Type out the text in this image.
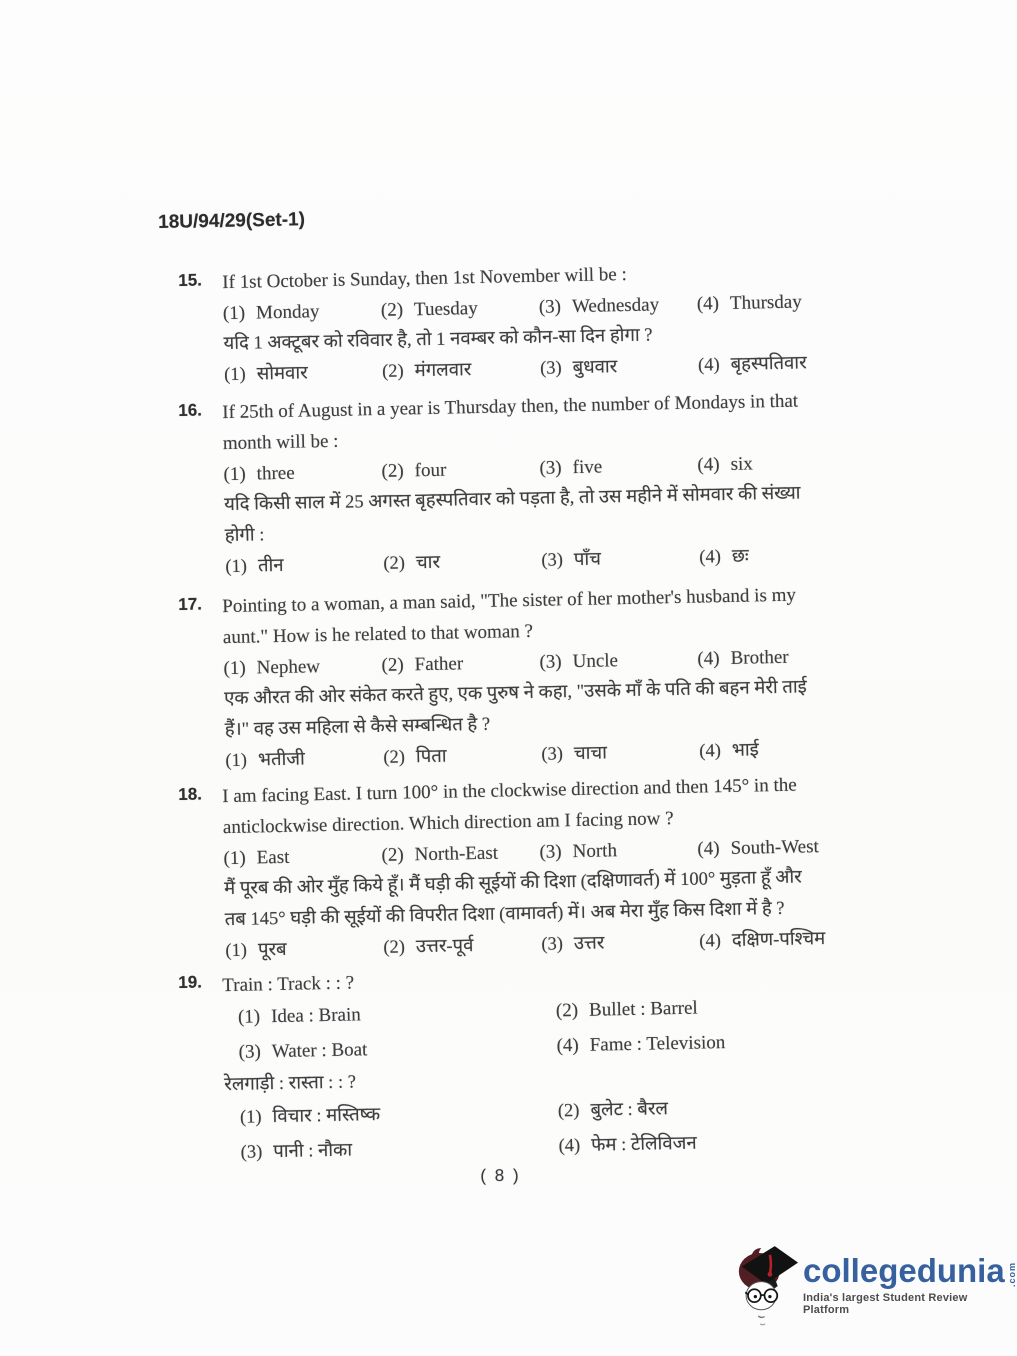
18U/94/29(Set-1)
15.	If 1st October is Sunday, then 1st November will be :
(1) Monday	(2) Tuesday	(3) Wednesday	(4) Thursday
यदि 1 अक्टूबर को रविवार है, तो 1 नवम्बर को कौन-सा दिन होगा ?
(1) सोमवार	(2) मंगलवार	(3) बुधवार	(4) बृहस्पतिवार
16.	If 25th of August in a year is Thursday then, the number of Mondays in that
month will be :
(1) three	(2) four	(3) five	(4) six
यदि किसी साल में 25 अगस्त बृहस्पतिवार को पड़ता है, तो उस महीने में सोमवार की संख्या
होगी :
(1) तीन	(2) चार	(3) पाँच	(4) छः
17.	Pointing to a woman, a man said, "The sister of her mother's husband is my
aunt." How is he related to that woman ?
(1) Nephew	(2) Father	(3) Uncle	(4) Brother
एक औरत की ओर संकेत करते हुए, एक पुरुष ने कहा, "उसके माँ के पति की बहन मेरी ताई
हैं।" वह उस महिला से कैसे सम्बन्धित है ?
(1) भतीजी	(2) पिता	(3) चाचा	(4) भाई
18.	I am facing East. I turn 100° in the clockwise direction and then 145° in the
anticlockwise direction. Which direction am I facing now ?
(1) East	(2) North-East	(3) North	(4) South-West
मैं पूरब की ओर मुँह किये हूँ। मैं घड़ी की सूईयों की दिशा (दक्षिणावर्त) में 100° मुड़ता हूँ और
तब 145° घड़ी की सूईयों की विपरीत दिशा (वामावर्त) में। अब मेरा मुँह किस दिशा में है ?
(1) पूरब	(2) उत्तर-पूर्व	(3) उत्तर	(4) दक्षिण-पश्चिम
19.	Train : Track : : ?
(1) Idea : Brain	(2) Bullet : Barrel
(3) Water : Boat	(4) Fame : Television
रेलगाड़ी : रास्ता : : ?
(1) विचार : मस्तिष्क	(2) बुलेट : बैरल
(3) पानी : नौका	(4) फेम : टेलिविजन
( 8 )
collegedunia .com
India's largest Student Review Platform
